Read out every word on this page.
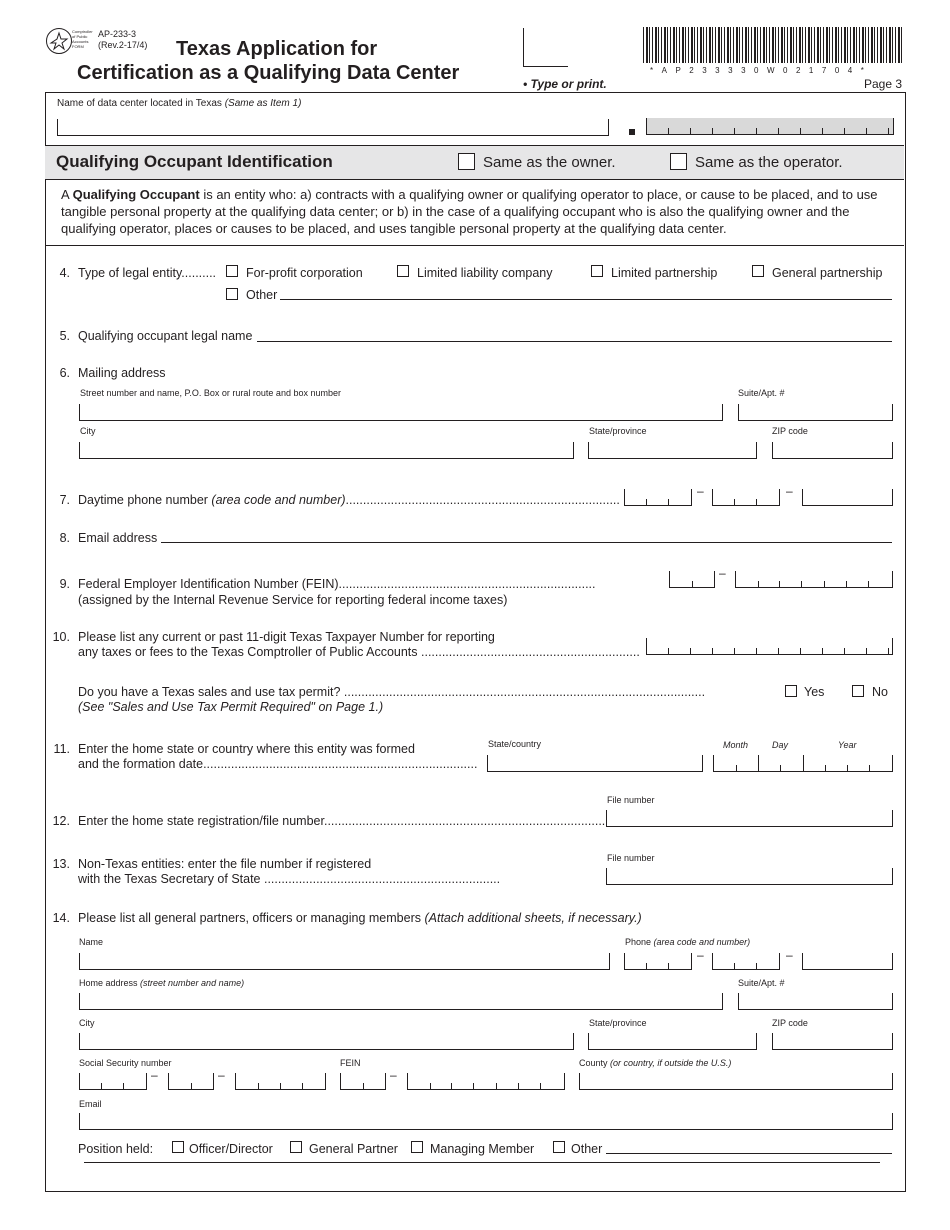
Comptroller of Public Accounts FORM
AP-233-3
(Rev.2-17/4) Texas Application for
Certification as a Qualifying Data Center	• Type or print.
*AP233330W021704*
Page 3
Name of data center located in Texas (Same as Item 1)
Qualifying Occupant Identification	Same as the owner.	Same as the operator.
A Qualifying Occupant is an entity who: a) contracts with a qualifying owner or qualifying operator to place, or cause to be placed, and to use tangible personal property at the qualifying data center; or b) in the case of a qualifying occupant who is also the qualifying owner and the qualifying operator, places or causes to be placed, and uses tangible personal property at the qualifying data center.
4. Type of legal entity.......... For-profit corporation	Limited liability company	Limited partnership	General partnership
Other
5. Qualifying occupant legal name
6. Mailing address
Street number and name, P.O. Box or rural route and box number	Suite/Apt. #
City	State/province	ZIP code
7. Daytime phone number (area code and number)...............................................................................
–	–
8. Email address
9. Federal Employer Identification Number (FEIN)..........................................................................
(assigned by the Internal Revenue Service for reporting federal income taxes)
–
10. Please list any current or past 11-digit Texas Taxpayer Number for reporting
any taxes or fees to the Texas Comptroller of Public Accounts ...............................................................
Do you have a Texas sales and use tax permit? ........................................................................................................
(See "Sales and Use Tax Permit Required" on Page 1.)
Yes	No
11. Enter the home state or country where this entity was formed
and the formation date...............................................................................
State/country	Month	Day	Year
12. Enter the home state registration/file number.................................................................................
File number
13. Non-Texas entities: enter the file number if registered
with the Texas Secretary of State ....................................................................
File number
14. Please list all general partners, officers or managing members (Attach additional sheets, if necessary.)
Name	Phone (area code and number)
–	–
Home address (street number and name)	Suite/Apt. #
City	State/province	ZIP code
Social Security number	FEIN	County (or country, if outside the U.S.)
–	–	–
Email
Position held:	Officer/Director	General Partner	Managing Member	Other
